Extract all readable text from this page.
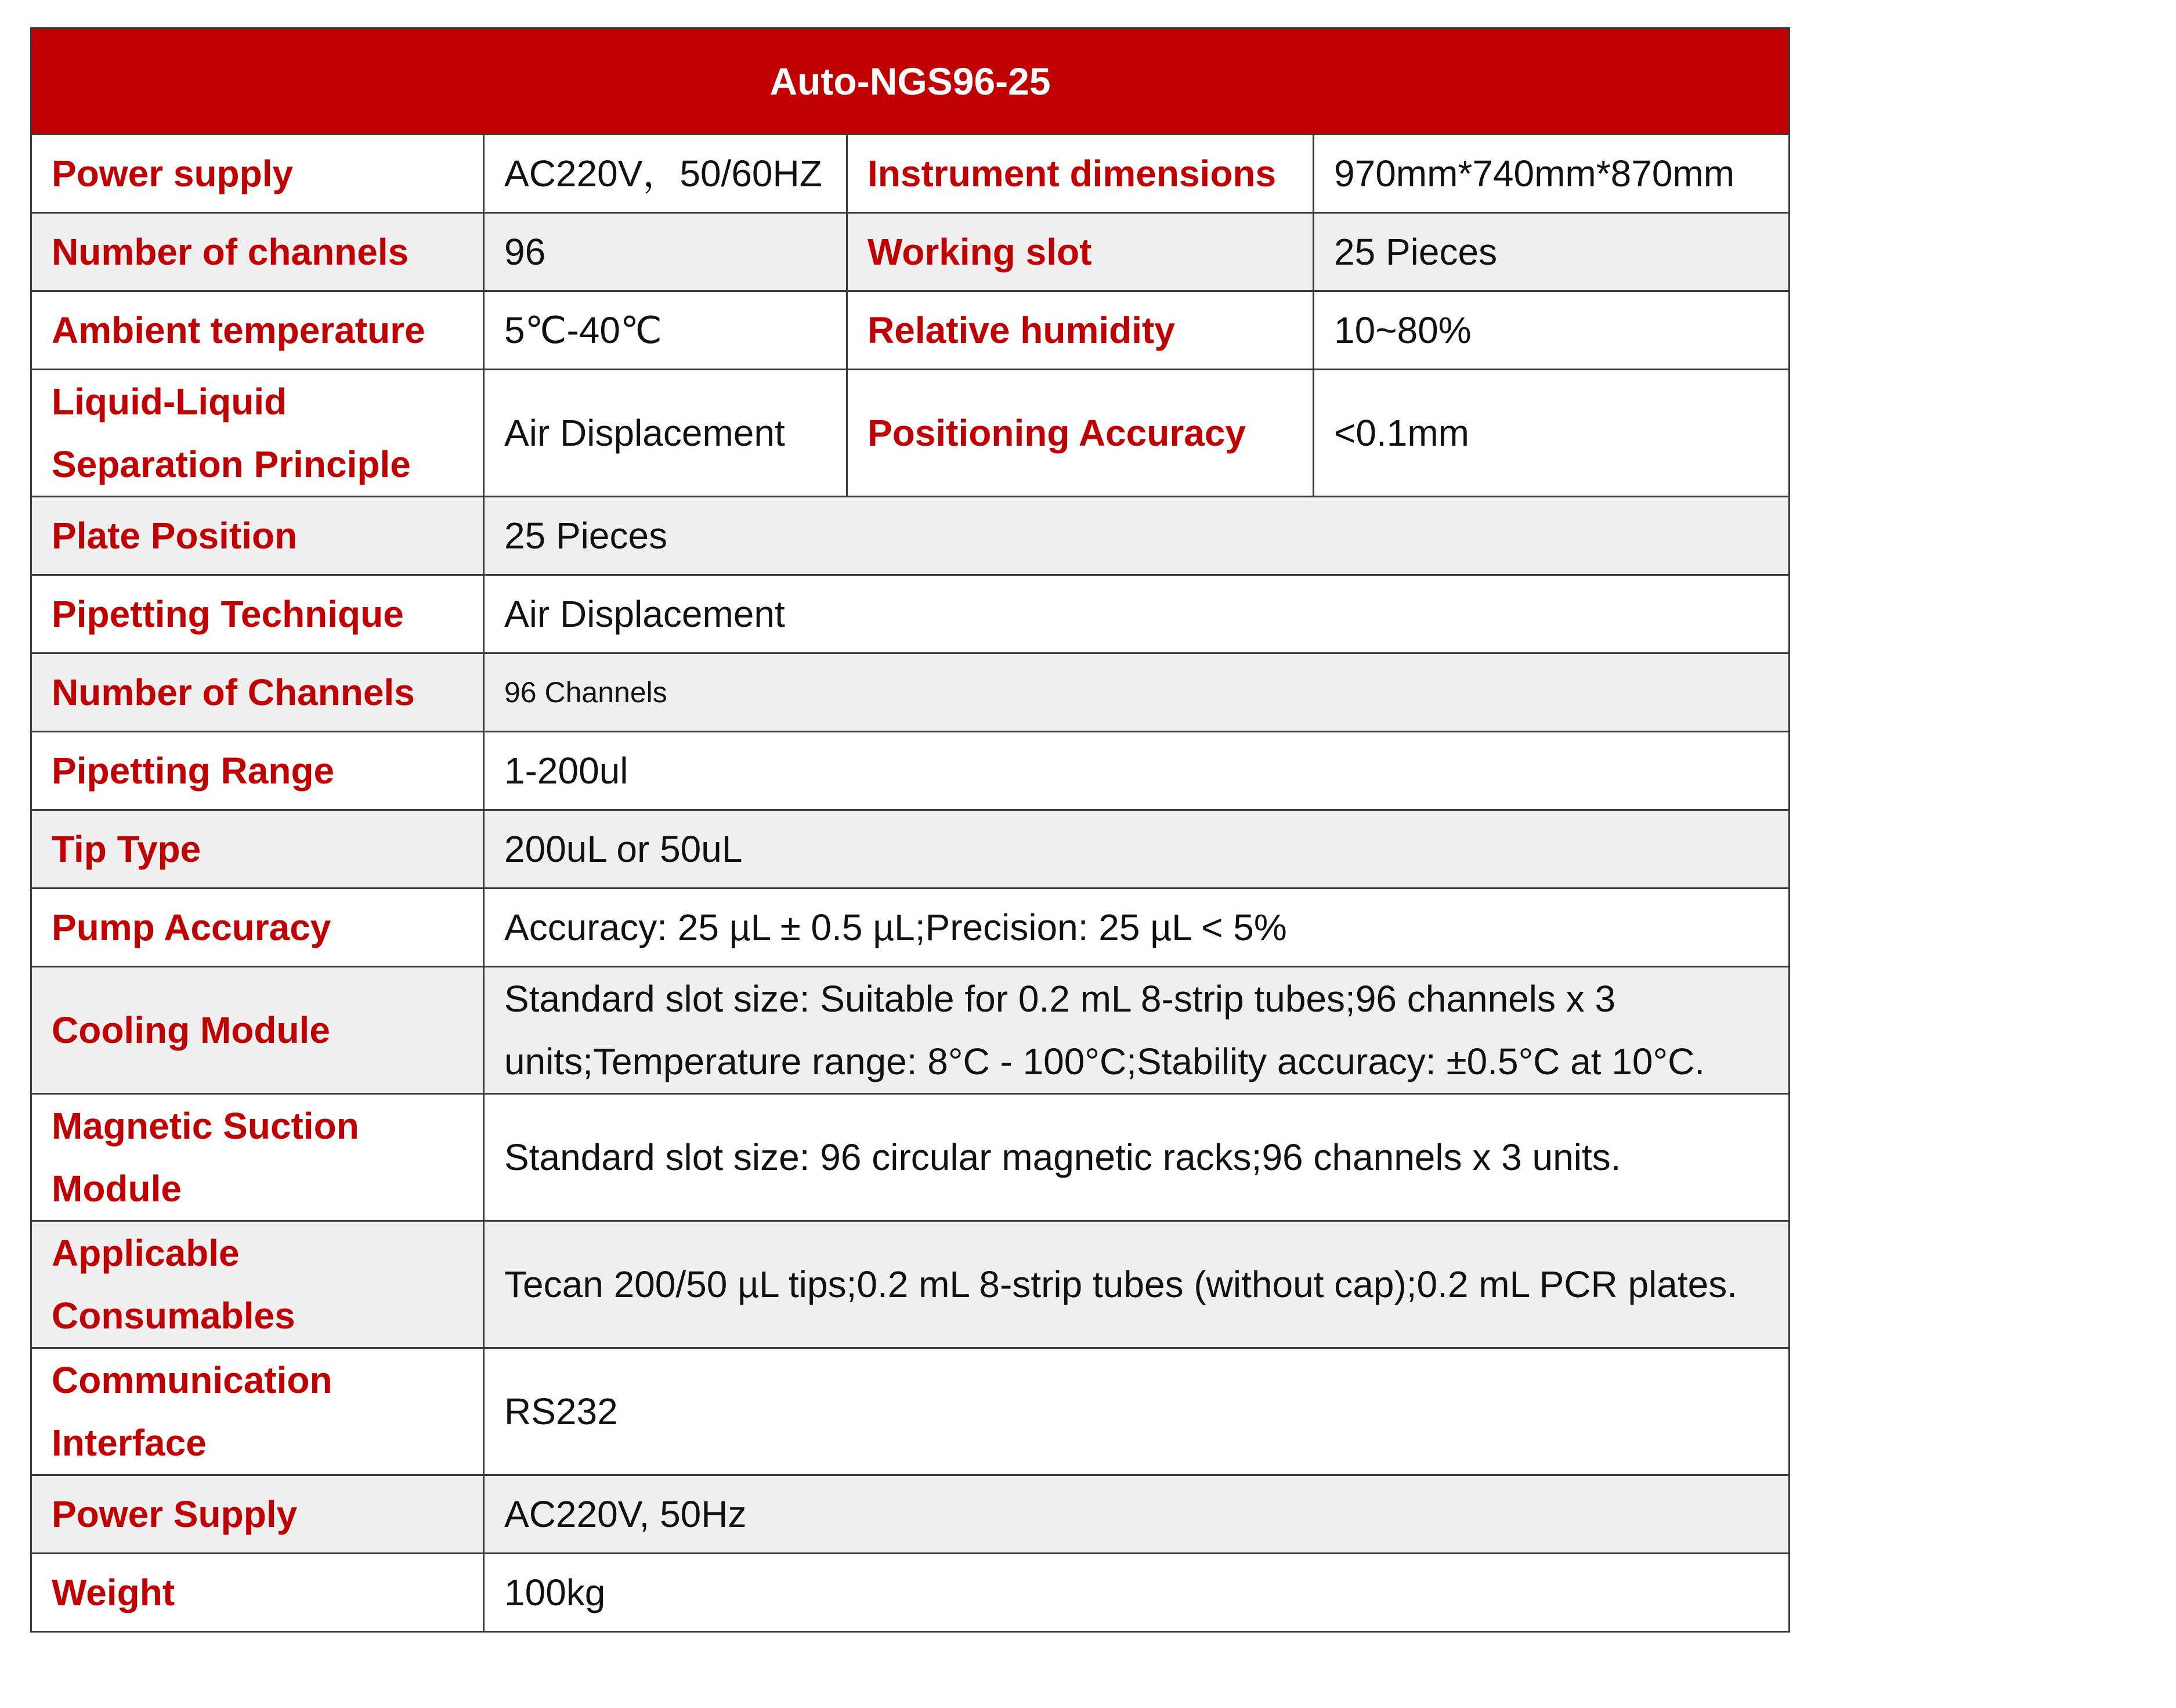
Auto-NGS96-25			
Power supply	AC220V，50/60HZ	Instrument dimensions	970mm*740mm*870mm
Number of channels	96	Working slot	25 Pieces
Ambient temperature	5℃-40℃	Relative humidity	10~80%
Liquid-Liquid Separation Principle	Air Displacement	Positioning Accuracy	<0.1mm
Plate Position	25 Pieces		
Pipetting Technique	Air Displacement		
Number of Channels	96 Channels		
Pipetting Range	1-200ul		
Tip Type	200uL or 50uL		
Pump Accuracy	Accuracy: 25 µL ± 0.5 µL;Precision: 25 µL < 5%		
Cooling Module	Standard slot size: Suitable for 0.2 mL 8-strip tubes;96 channels x 3 units;Temperature range: 8°C - 100°C;Stability accuracy: ±0.5°C at 10°C.		
Magnetic Suction Module	Standard slot size: 96 circular magnetic racks;96 channels x 3 units.		
Applicable Consumables	Tecan 200/50 µL tips;0.2 mL 8-strip tubes (without cap);0.2 mL PCR plates.		
Communication Interface	RS232		
Power Supply	AC220V, 50Hz		
Weight	100kg		
